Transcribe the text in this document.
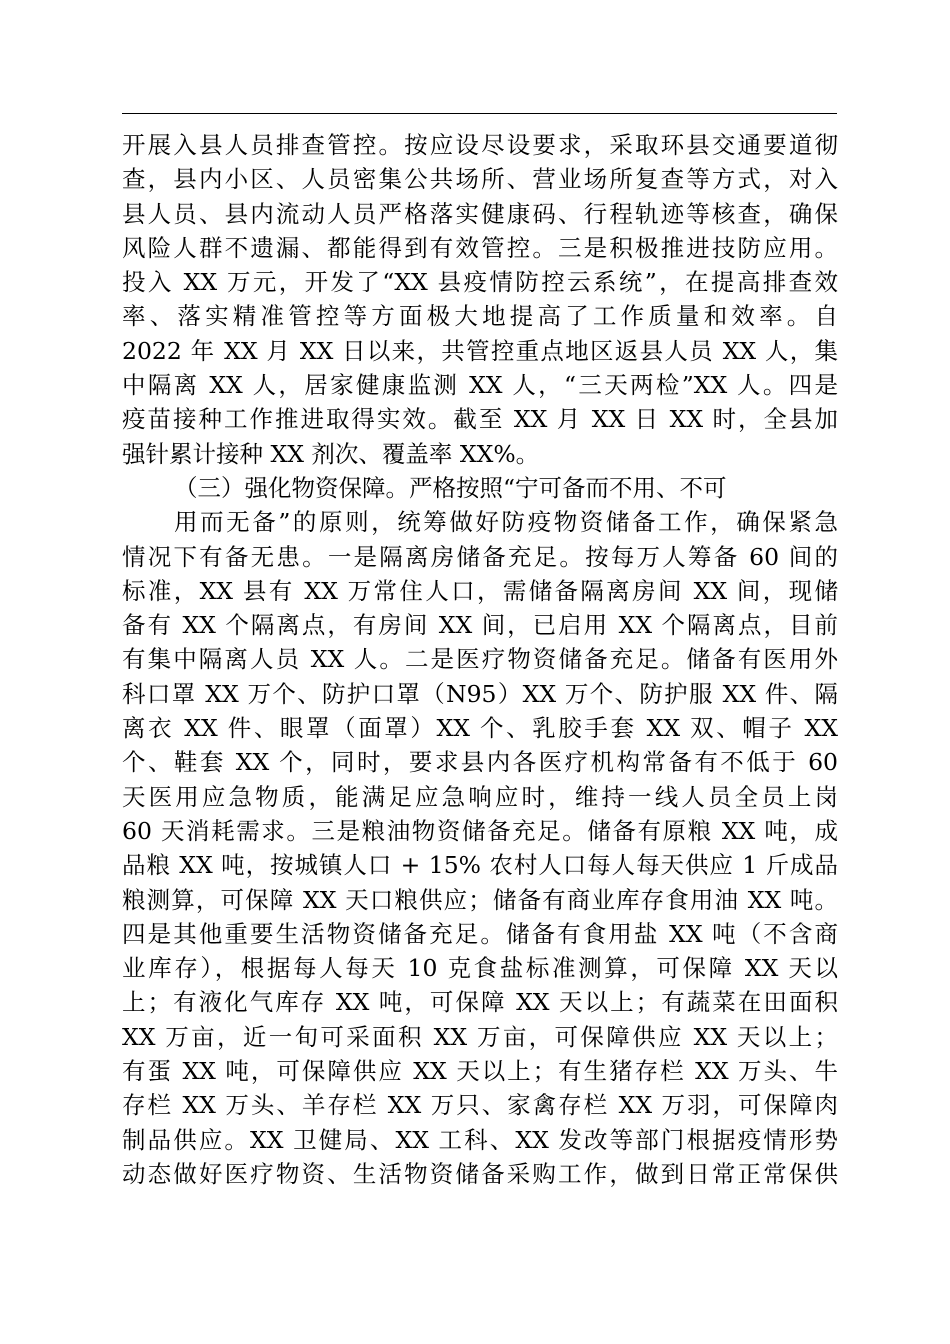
开展入县人员排查管控。按应设尽设要求，采取环县交通要道彻
查，县内小区、人员密集公共场所、营业场所复查等方式，对入
县人员、县内流动人员严格落实健康码、行程轨迹等核查，确保
风险人群不遗漏、都能得到有效管控。三是积极推进技防应用。
投入 XX 万元，开发了“XX 县疫情防控云系统”，在提高排查效
率、落实精准管控等方面极大地提高了工作质量和效率。自
2022 年 XX 月 XX 日以来，共管控重点地区返县人员 XX 人，集
中隔离 XX 人，居家健康监测 XX 人，“三天两检”XX 人。四是
疫苗接种工作推进取得实效。截至 XX 月 XX 日 XX 时，全县加
强针累计接种 XX 剂次、覆盖率 XX%。
（三）强化物资保障。严格按照“宁可备而不用、不可
用而无备”的原则，统筹做好防疫物资储备工作，确保紧急
情况下有备无患。一是隔离房储备充足。按每万人筹备 60 间的
标准，XX 县有 XX 万常住人口，需储备隔离房间 XX 间，现储
备有 XX 个隔离点，有房间 XX 间，已启用 XX 个隔离点，目前
有集中隔离人员 XX 人。二是医疗物资储备充足。储备有医用外
科口罩 XX 万个、防护口罩（N95）XX 万个、防护服 XX 件、隔
离衣 XX 件、眼罩（面罩）XX 个、乳胶手套 XX 双、帽子 XX
个、鞋套 XX 个，同时，要求县内各医疗机构常备有不低于 60
天医用应急物质，能满足应急响应时，维持一线人员全员上岗
60 天消耗需求。三是粮油物资储备充足。储备有原粮 XX 吨，成
品粮 XX 吨，按城镇人口 + 15% 农村人口每人每天供应 1 斤成品
粮测算，可保障 XX 天口粮供应；储备有商业库存食用油 XX 吨。
四是其他重要生活物资储备充足。储备有食用盐 XX 吨（不含商
业库存），根据每人每天 10 克食盐标准测算，可保障 XX 天以
上；有液化气库存 XX 吨，可保障 XX 天以上；有蔬菜在田面积
XX 万亩，近一旬可采面积 XX 万亩，可保障供应 XX 天以上；
有蛋 XX 吨，可保障供应 XX 天以上；有生猪存栏 XX 万头、牛
存栏 XX 万头、羊存栏 XX 万只、家禽存栏 XX 万羽，可保障肉
制品供应。XX 卫健局、XX 工科、XX 发改等部门根据疫情形势
动态做好医疗物资、生活物资储备采购工作，做到日常正常保供
